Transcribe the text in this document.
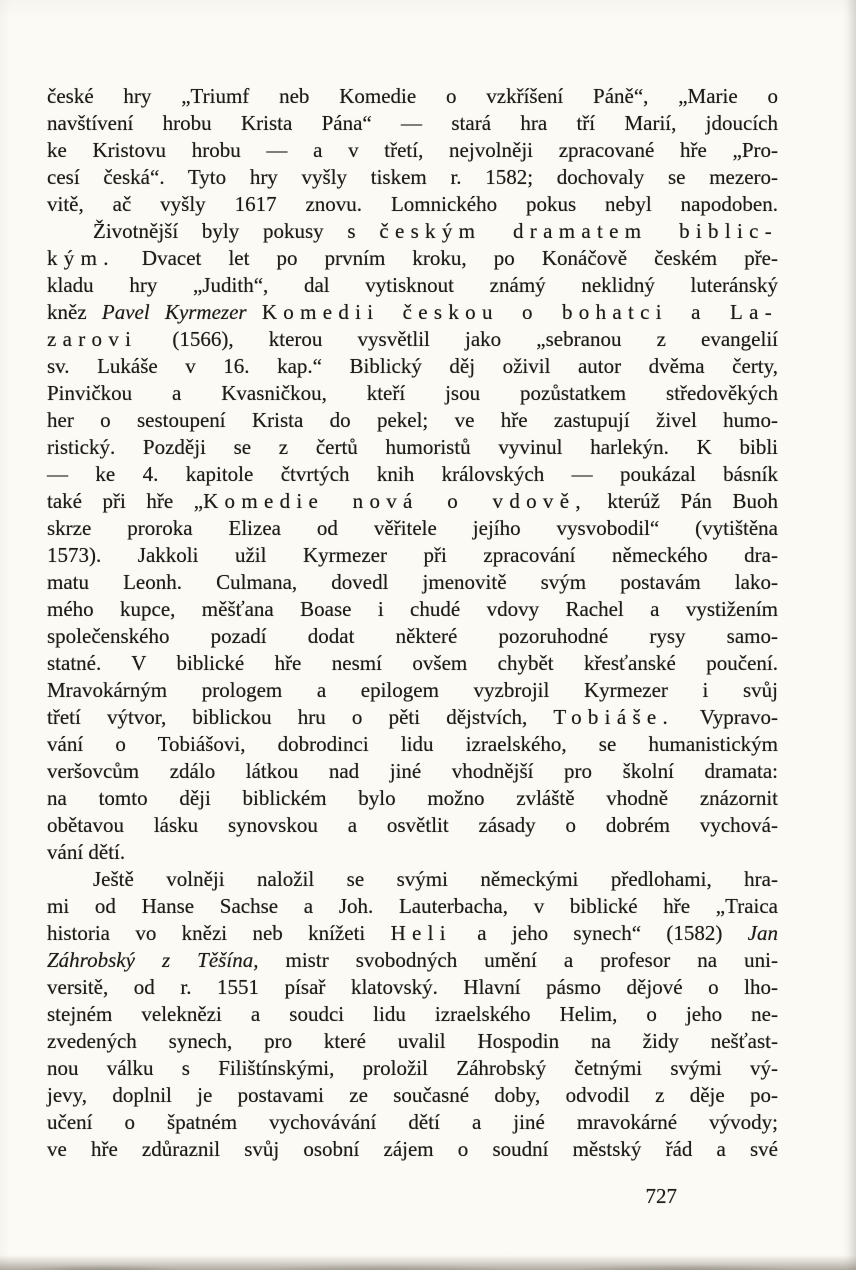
české hry „Triumf neb Komedie o vzkříšení Páně“, „Marie o
navštívení hrobu Krista Pána“ — stará hra tří Marií, jdoucích
ke Kristovu hrobu — a v třetí, nejvolněji zpracované hře „Pro-
cesí česká“. Tyto hry vyšly tiskem r. 1582; dochovaly se mezero-
vitě, ač vyšly 1617 znovu. Lomnického pokus nebyl napodoben.
Životnější byly pokusy s českým dramatem biblic-
kým. Dvacet let po prvním kroku, po Konáčově českém pře-
kladu hry „Judith“, dal vytisknout známý neklidný luteránský
kněz Pavel Kyrmezer Komedii českou o bohatci a La-
zarovi (1566), kterou vysvětlil jako „sebranou z evangelií
sv. Lukáše v 16. kap.“ Biblický děj oživil autor dvěma čerty,
Pinvičkou a Kvasničkou, kteří jsou pozůstatkem středověkých
her o sestoupení Krista do pekel; ve hře zastupují živel humo-
ristický. Později se z čertů humoristů vyvinul harlekýn. K bibli
— ke 4. kapitole čtvrtých knih královských — poukázal básník
také při hře „Komedie nová o vdově, kterúž Pán Buoh
skrze proroka Elizea od věřitele jejího vysvobodil“ (vytištěna
1573). Jakkoli užil Kyrmezer při zpracování německého dra-
matu Leonh. Culmana, dovedl jmenovitě svým postavám lako-
mého kupce, měšťana Boase i chudé vdovy Rachel a vystižením
společenského pozadí dodat některé pozoruhodné rysy samo-
statné. V biblické hře nesmí ovšem chybět křesťanské poučení.
Mravokárným prologem a epilogem vyzbrojil Kyrmezer i svůj
třetí výtvor, biblickou hru o pěti dějstvích, Tobiáše. Vypravo-
vání o Tobiášovi, dobrodinci lidu izraelského, se humanistickým
veršovcům zdálo látkou nad jiné vhodnější pro školní dramata:
na tomto ději biblickém bylo možno zvláště vhodně znázornit
obětavou lásku synovskou a osvětlit zásady o dobrém vychová-
vání dětí.
Ještě volněji naložil se svými německými předlohami, hra-
mi od Hanse Sachse a Joh. Lauterbacha, v biblické hře „Traica
historia vo knězi neb knížeti Heli a jeho synech“ (1582) Jan
Záhrobský z Těšína, mistr svobodných umění a profesor na uni-
versitě, od r. 1551 písař klatovský. Hlavní pásmo dějové o lho-
stejném veleknězi a soudci lidu izraelského Helim, o jeho ne-
zvedených synech, pro které uvalil Hospodin na židy nešťast-
nou válku s Filištínskými, proložil Záhrobský četnými svými vý-
jevy, doplnil je postavami ze současné doby, odvodil z děje po-
učení o špatném vychovávání dětí a jiné mravokárné vývody;
ve hře zdůraznil svůj osobní zájem o soudní městský řád a své
727
